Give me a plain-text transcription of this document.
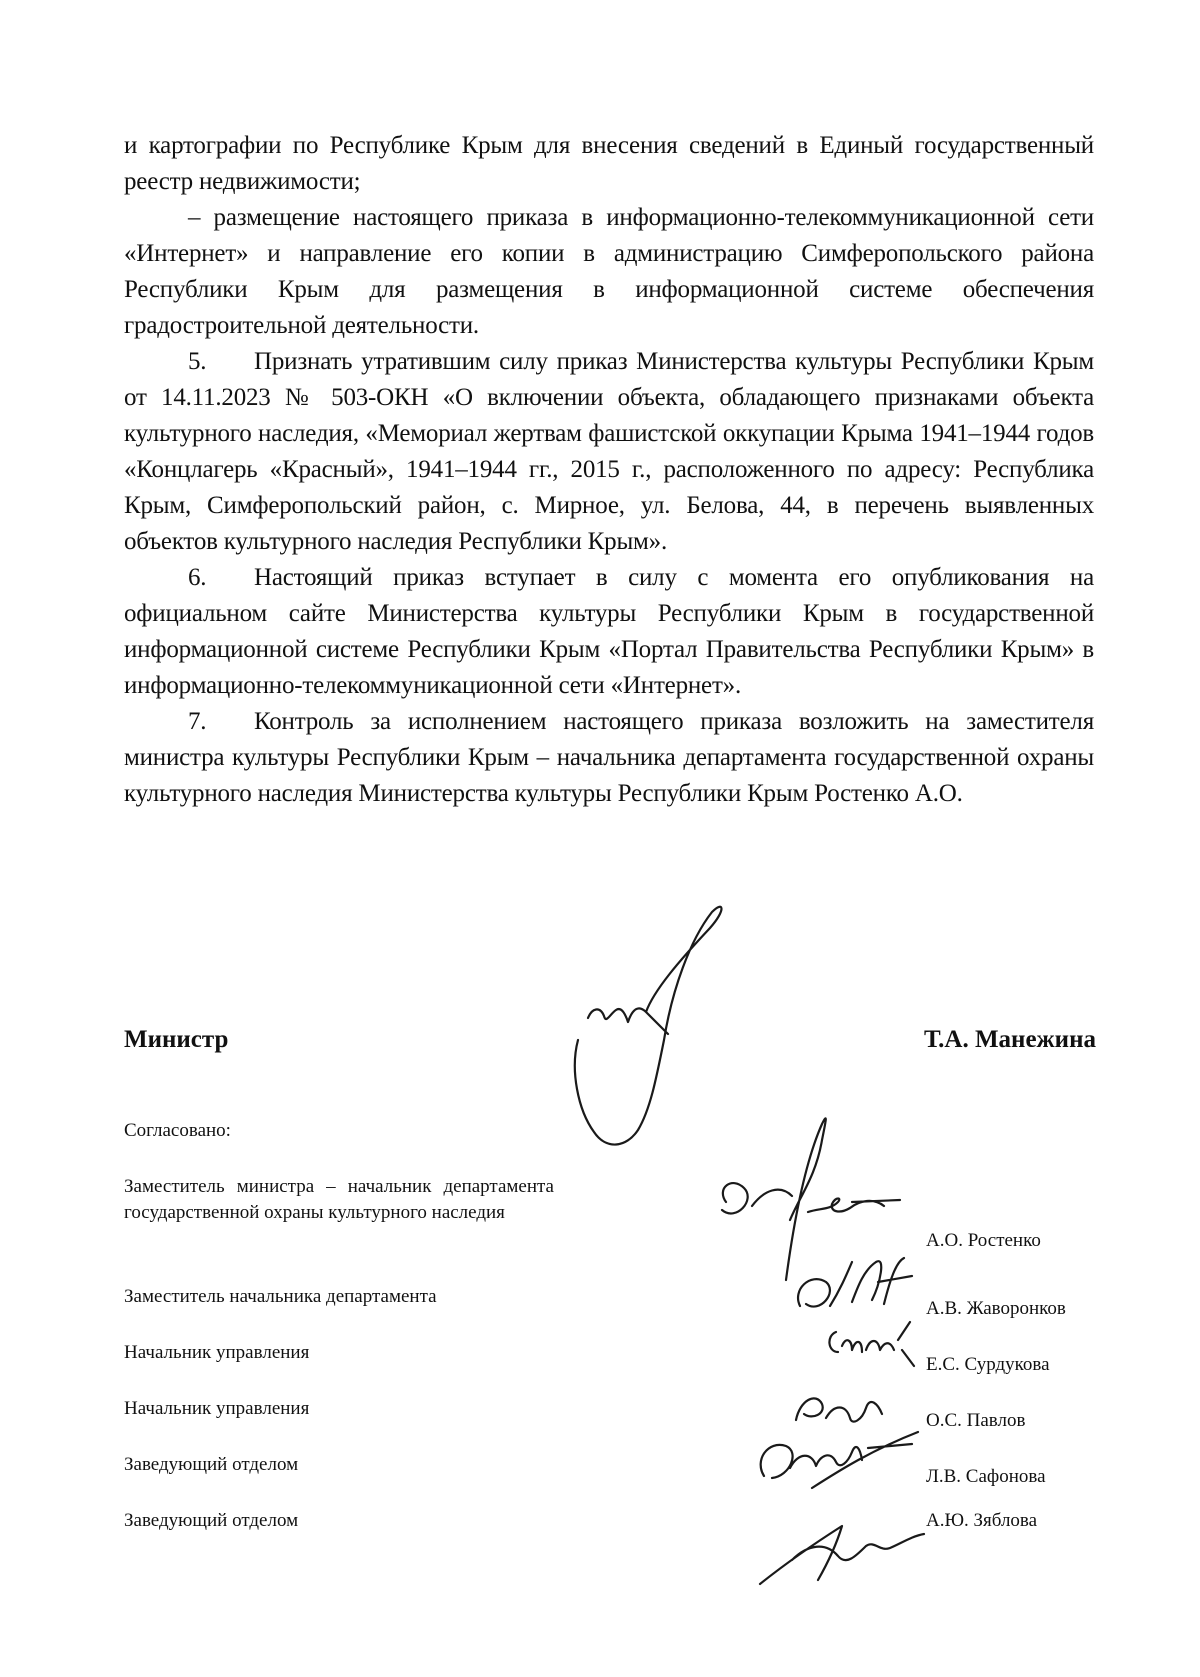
и картографии по Республике Крым для внесения сведений в Единый государственный реестр недвижимости;

– размещение настоящего приказа в информационно-телекоммуникационной сети «Интернет» и направление его копии в администрацию Симферопольского района Республики Крым для размещения в информационной системе обеспечения градостроительной деятельности.

5. Признать утратившим силу приказ Министерства культуры Республики Крым от 14.11.2023 № 503-ОКН «О включении объекта, обладающего признаками объекта культурного наследия, «Мемориал жертвам фашистской оккупации Крыма 1941–1944 годов «Концлагерь «Красный», 1941–1944 гг., 2015 г., расположенного по адресу: Республика Крым, Симферопольский район, с. Мирное, ул. Белова, 44, в перечень выявленных объектов культурного наследия Республики Крым».

6. Настоящий приказ вступает в силу с момента его опубликования на официальном сайте Министерства культуры Республики Крым в государственной информационной системе Республики Крым «Портал Правительства Республики Крым» в информационно-телекоммуникационной сети «Интернет».

7. Контроль за исполнением настоящего приказа возложить на заместителя министра культуры Республики Крым – начальника департамента государственной охраны культурного наследия Министерства культуры Республики Крым Ростенко А.О.

Министр	Т.А. Манежина
Согласовано:
Заместитель министра – начальник департамента государственной охраны культурного наследия
А.О. Ростенко
Заместитель начальника департамента
А.В. Жаворонков
Начальник управления
Е.С. Сурдукова
Начальник управления
О.С. Павлов
Заведующий отделом
Л.В. Сафонова
Заведующий отделом	А.Ю. Зяблова
